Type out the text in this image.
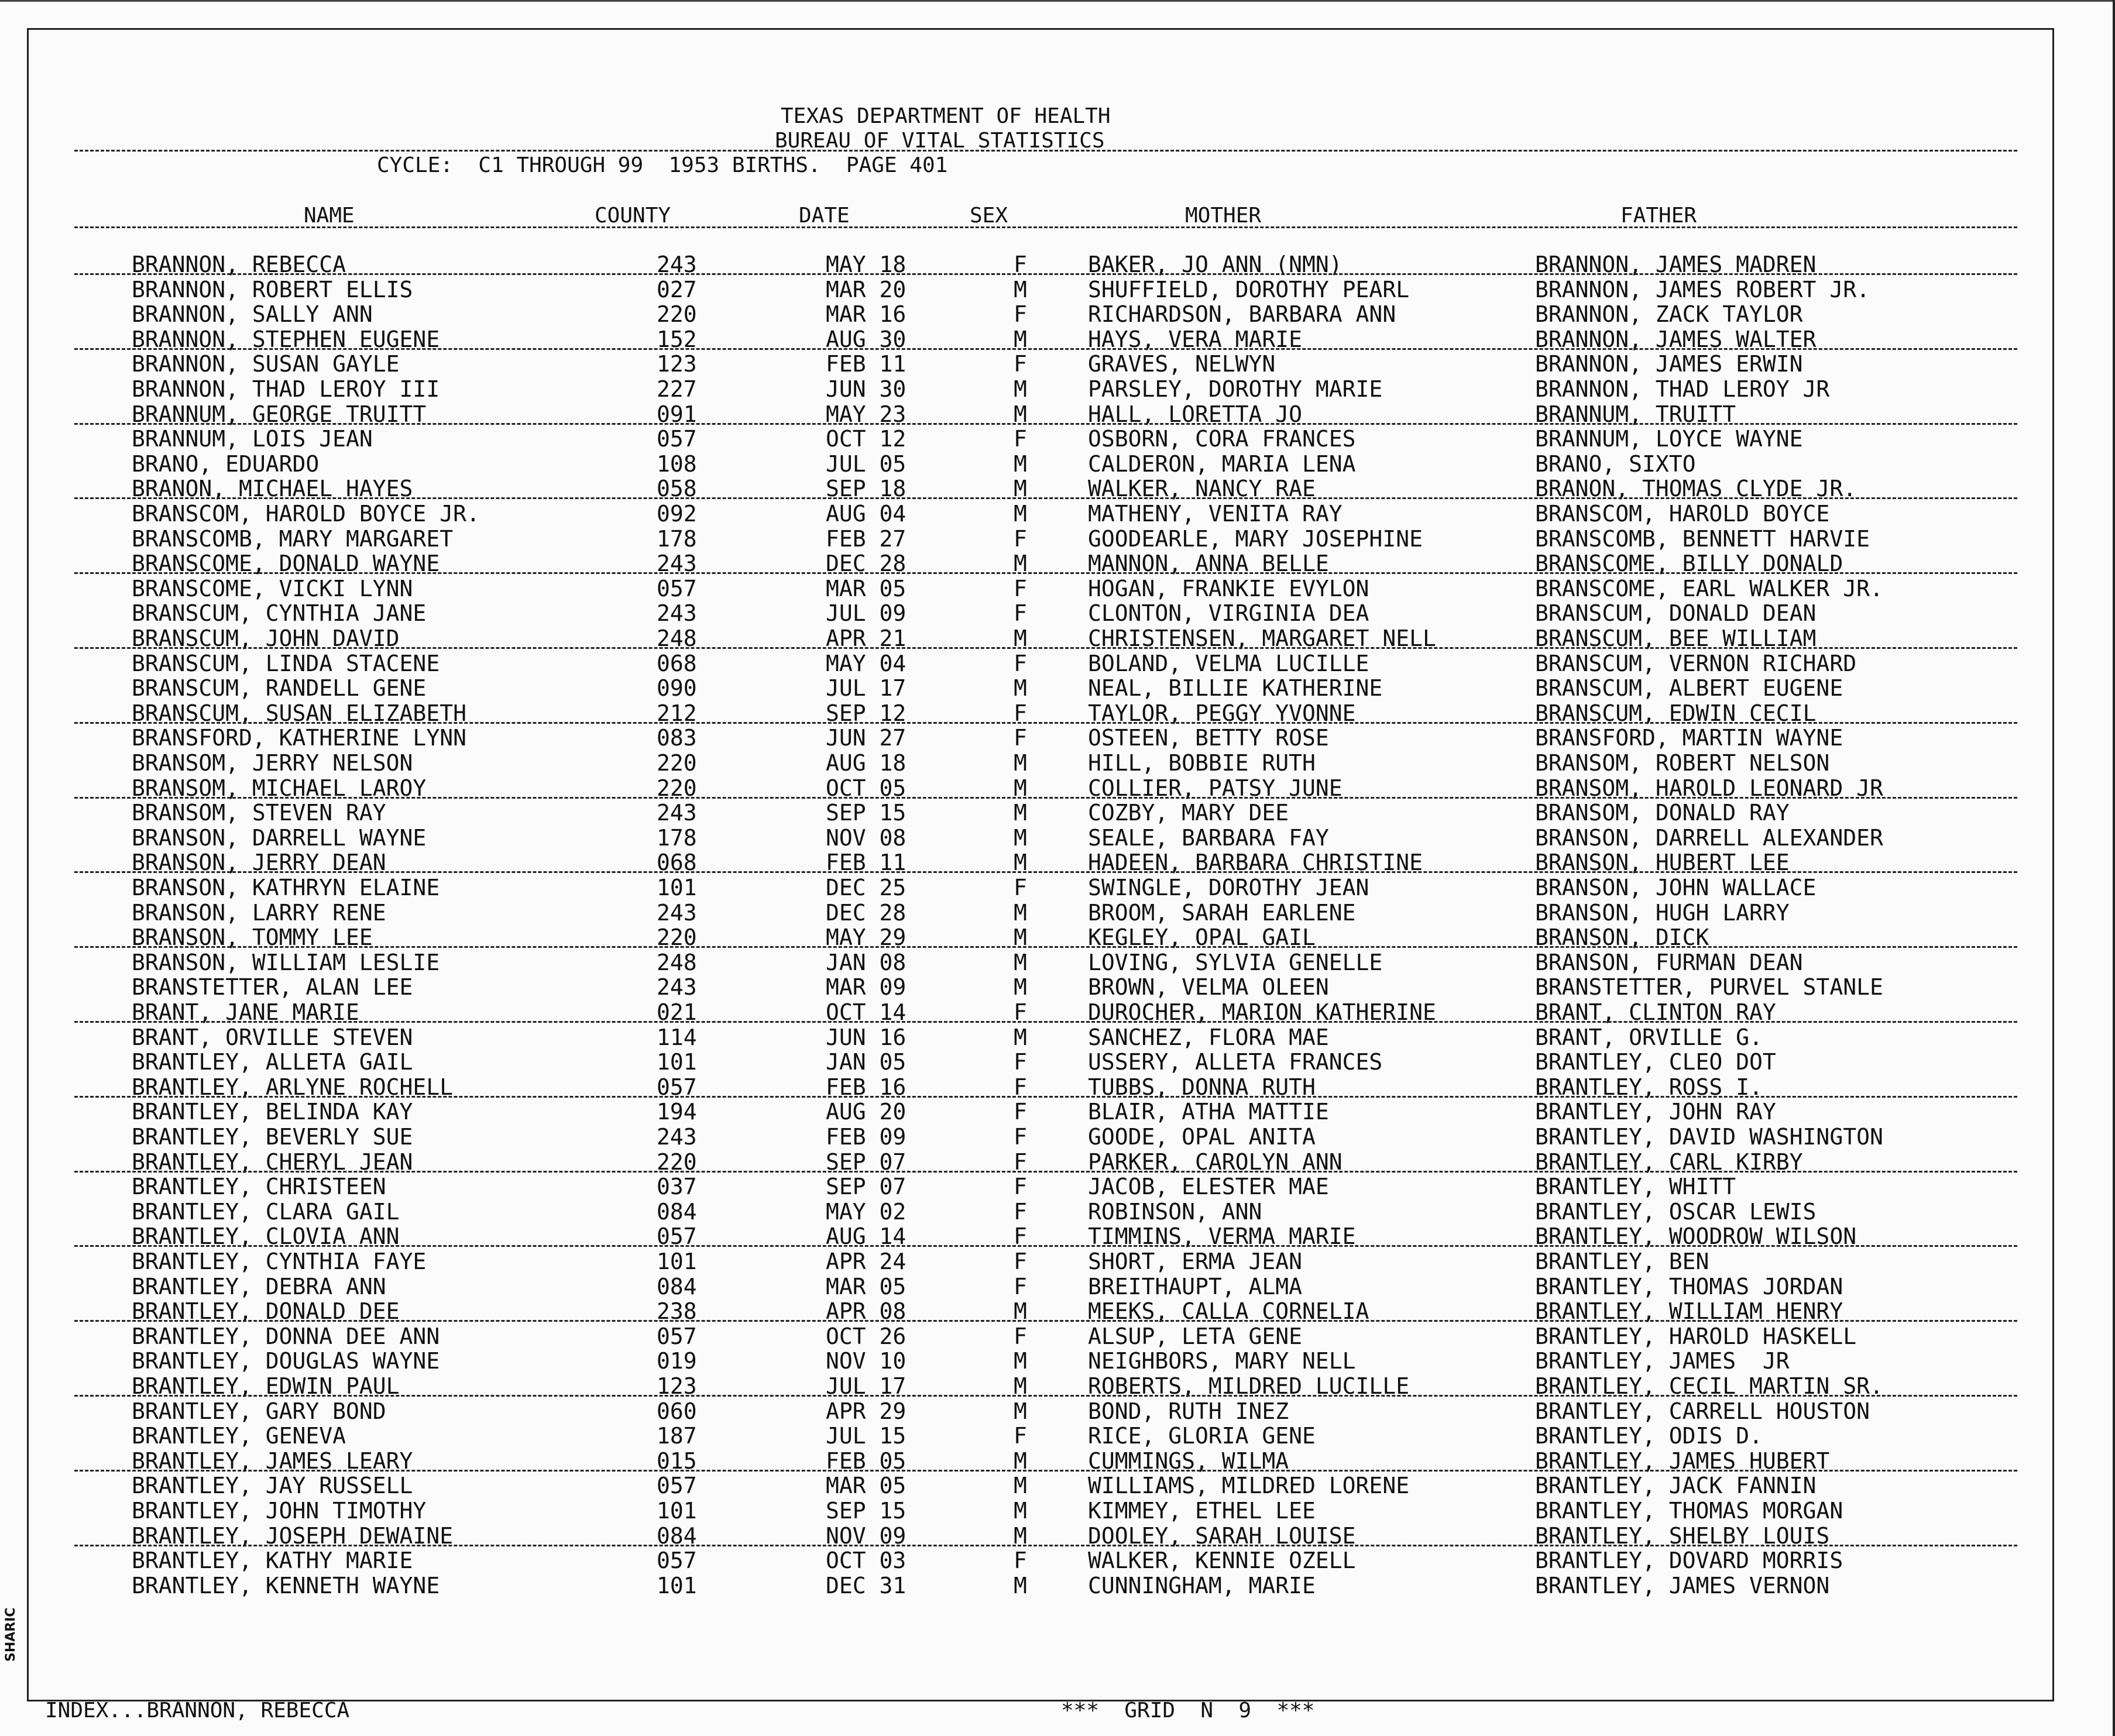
TEXAS DEPARTMENT OF HEALTH
BUREAU OF VITAL STATISTICS
CYCLE:  C1 THROUGH 99  1953 BIRTHS.  PAGE 401
NAME	COUNTY	DATE	SEX	MOTHER	FATHER
BRANNON, REBECCA	243	MAY 18	F	BAKER, JO ANN (NMN)	BRANNON, JAMES MADREN
BRANNON, ROBERT ELLIS	027	MAR 20	M	SHUFFIELD, DOROTHY PEARL	BRANNON, JAMES ROBERT JR.
BRANNON, SALLY ANN	220	MAR 16	F	RICHARDSON, BARBARA ANN	BRANNON, ZACK TAYLOR
BRANNON, STEPHEN EUGENE	152	AUG 30	M	HAYS, VERA MARIE	BRANNON, JAMES WALTER
BRANNON, SUSAN GAYLE	123	FEB 11	F	GRAVES, NELWYN	BRANNON, JAMES ERWIN
BRANNON, THAD LEROY III	227	JUN 30	M	PARSLEY, DOROTHY MARIE	BRANNON, THAD LEROY JR
BRANNUM, GEORGE TRUITT	091	MAY 23	M	HALL, LORETTA JO	BRANNUM, TRUITT
BRANNUM, LOIS JEAN	057	OCT 12	F	OSBORN, CORA FRANCES	BRANNUM, LOYCE WAYNE
BRANO, EDUARDO	108	JUL 05	M	CALDERON, MARIA LENA	BRANO, SIXTO
BRANON, MICHAEL HAYES	058	SEP 18	M	WALKER, NANCY RAE	BRANON, THOMAS CLYDE JR.
BRANSCOM, HAROLD BOYCE JR.	092	AUG 04	M	MATHENY, VENITA RAY	BRANSCOM, HAROLD BOYCE
BRANSCOMB, MARY MARGARET	178	FEB 27	F	GOODEARLE, MARY JOSEPHINE	BRANSCOMB, BENNETT HARVIE
BRANSCOME, DONALD WAYNE	243	DEC 28	M	MANNON, ANNA BELLE	BRANSCOME, BILLY DONALD
BRANSCOME, VICKI LYNN	057	MAR 05	F	HOGAN, FRANKIE EVYLON	BRANSCOME, EARL WALKER JR.
BRANSCUM, CYNTHIA JANE	243	JUL 09	F	CLONTON, VIRGINIA DEA	BRANSCUM, DONALD DEAN
BRANSCUM, JOHN DAVID	248	APR 21	M	CHRISTENSEN, MARGARET NELL	BRANSCUM, BEE WILLIAM
BRANSCUM, LINDA STACENE	068	MAY 04	F	BOLAND, VELMA LUCILLE	BRANSCUM, VERNON RICHARD
BRANSCUM, RANDELL GENE	090	JUL 17	M	NEAL, BILLIE KATHERINE	BRANSCUM, ALBERT EUGENE
BRANSCUM, SUSAN ELIZABETH	212	SEP 12	F	TAYLOR, PEGGY YVONNE	BRANSCUM, EDWIN CECIL
BRANSFORD, KATHERINE LYNN	083	JUN 27	F	OSTEEN, BETTY ROSE	BRANSFORD, MARTIN WAYNE
BRANSOM, JERRY NELSON	220	AUG 18	M	HILL, BOBBIE RUTH	BRANSOM, ROBERT NELSON
BRANSOM, MICHAEL LAROY	220	OCT 05	M	COLLIER, PATSY JUNE	BRANSOM, HAROLD LEONARD JR
BRANSOM, STEVEN RAY	243	SEP 15	M	COZBY, MARY DEE	BRANSOM, DONALD RAY
BRANSON, DARRELL WAYNE	178	NOV 08	M	SEALE, BARBARA FAY	BRANSON, DARRELL ALEXANDER
BRANSON, JERRY DEAN	068	FEB 11	M	HADEEN, BARBARA CHRISTINE	BRANSON, HUBERT LEE
BRANSON, KATHRYN ELAINE	101	DEC 25	F	SWINGLE, DOROTHY JEAN	BRANSON, JOHN WALLACE
BRANSON, LARRY RENE	243	DEC 28	M	BROOM, SARAH EARLENE	BRANSON, HUGH LARRY
BRANSON, TOMMY LEE	220	MAY 29	M	KEGLEY, OPAL GAIL	BRANSON, DICK
BRANSON, WILLIAM LESLIE	248	JAN 08	M	LOVING, SYLVIA GENELLE	BRANSON, FURMAN DEAN
BRANSTETTER, ALAN LEE	243	MAR 09	M	BROWN, VELMA OLEEN	BRANSTETTER, PURVEL STANLE
BRANT, JANE MARIE	021	OCT 14	F	DUROCHER, MARION KATHERINE	BRANT, CLINTON RAY
BRANT, ORVILLE STEVEN	114	JUN 16	M	SANCHEZ, FLORA MAE	BRANT, ORVILLE G.
BRANTLEY, ALLETA GAIL	101	JAN 05	F	USSERY, ALLETA FRANCES	BRANTLEY, CLEO DOT
BRANTLEY, ARLYNE ROCHELL	057	FEB 16	F	TUBBS, DONNA RUTH	BRANTLEY, ROSS I.
BRANTLEY, BELINDA KAY	194	AUG 20	F	BLAIR, ATHA MATTIE	BRANTLEY, JOHN RAY
BRANTLEY, BEVERLY SUE	243	FEB 09	F	GOODE, OPAL ANITA	BRANTLEY, DAVID WASHINGTON
BRANTLEY, CHERYL JEAN	220	SEP 07	F	PARKER, CAROLYN ANN	BRANTLEY, CARL KIRBY
BRANTLEY, CHRISTEEN	037	SEP 07	F	JACOB, ELESTER MAE	BRANTLEY, WHITT
BRANTLEY, CLARA GAIL	084	MAY 02	F	ROBINSON, ANN	BRANTLEY, OSCAR LEWIS
BRANTLEY, CLOVIA ANN	057	AUG 14	F	TIMMINS, VERMA MARIE	BRANTLEY, WOODROW WILSON
BRANTLEY, CYNTHIA FAYE	101	APR 24	F	SHORT, ERMA JEAN	BRANTLEY, BEN
BRANTLEY, DEBRA ANN	084	MAR 05	F	BREITHAUPT, ALMA	BRANTLEY, THOMAS JORDAN
BRANTLEY, DONALD DEE	238	APR 08	M	MEEKS, CALLA CORNELIA	BRANTLEY, WILLIAM HENRY
BRANTLEY, DONNA DEE ANN	057	OCT 26	F	ALSUP, LETA GENE	BRANTLEY, HAROLD HASKELL
BRANTLEY, DOUGLAS WAYNE	019	NOV 10	M	NEIGHBORS, MARY NELL	BRANTLEY, JAMES  JR
BRANTLEY, EDWIN PAUL	123	JUL 17	M	ROBERTS, MILDRED LUCILLE	BRANTLEY, CECIL MARTIN SR.
BRANTLEY, GARY BOND	060	APR 29	M	BOND, RUTH INEZ	BRANTLEY, CARRELL HOUSTON
BRANTLEY, GENEVA	187	JUL 15	F	RICE, GLORIA GENE	BRANTLEY, ODIS D.
BRANTLEY, JAMES LEARY	015	FEB 05	M	CUMMINGS, WILMA	BRANTLEY, JAMES HUBERT
BRANTLEY, JAY RUSSELL	057	MAR 05	M	WILLIAMS, MILDRED LORENE	BRANTLEY, JACK FANNIN
BRANTLEY, JOHN TIMOTHY	101	SEP 15	M	KIMMEY, ETHEL LEE	BRANTLEY, THOMAS MORGAN
BRANTLEY, JOSEPH DEWAINE	084	NOV 09	M	DOOLEY, SARAH LOUISE	BRANTLEY, SHELBY LOUIS
BRANTLEY, KATHY MARIE	057	OCT 03	F	WALKER, KENNIE OZELL	BRANTLEY, DOVARD MORRIS
BRANTLEY, KENNETH WAYNE	101	DEC 31	M	CUNNINGHAM, MARIE	BRANTLEY, JAMES VERNON
INDEX...BRANNON, REBECCA	***  GRID  N  9  ***
SHARIC
